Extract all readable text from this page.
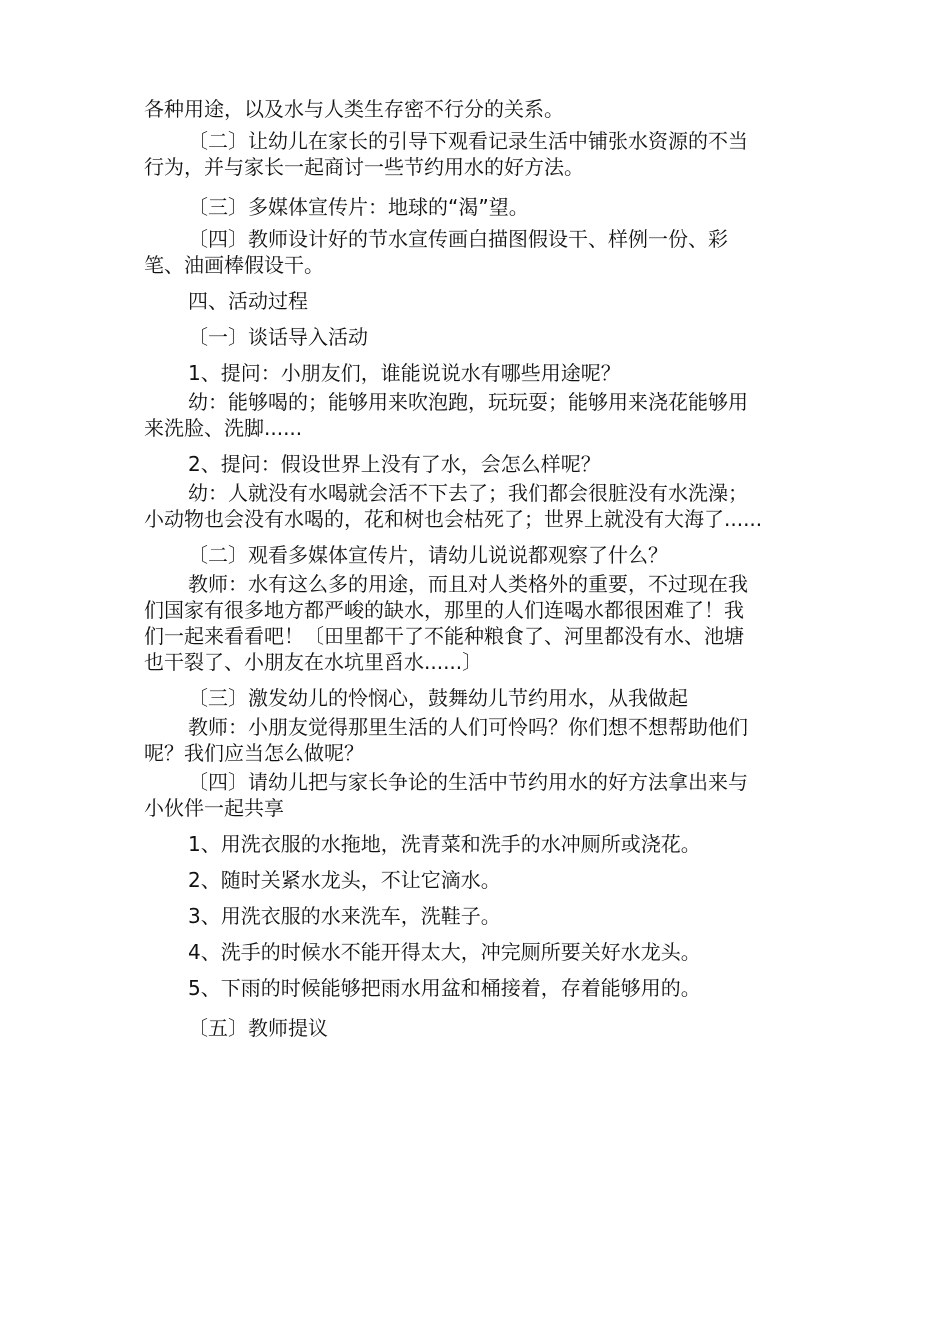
各种用途，以及水与人类生存密不行分的关系。

〔二〕让幼儿在家长的引导下观看记录生活中铺张水资源的不当

行为，并与家长一起商讨一些节约用水的好方法。

〔三〕多媒体宣传片：地球的“渴”望。

〔四〕教师设计好的节水宣传画白描图假设干、样例一份、彩

笔、油画棒假设干。

四、活动过程

〔一〕谈话导入活动

1、提问：小朋友们，谁能说说水有哪些用途呢？

幼：能够喝的；能够用来吹泡跑，玩玩耍；能够用来浇花能够用

来洗脸、洗脚......

2、提问：假设世界上没有了水，会怎么样呢？

幼：人就没有水喝就会活不下去了；我们都会很脏没有水洗澡；

小动物也会没有水喝的，花和树也会枯死了；世界上就没有大海了......

〔二〕观看多媒体宣传片，请幼儿说说都观察了什么？

教师：水有这么多的用途，而且对人类格外的重要，不过现在我

们国家有很多地方都严峻的缺水，那里的人们连喝水都很困难了！我

们一起来看看吧！〔田里都干了不能种粮食了、河里都没有水、池塘

也干裂了、小朋友在水坑里舀水......〕

〔三〕激发幼儿的怜悯心，鼓舞幼儿节约用水，从我做起

教师：小朋友觉得那里生活的人们可怜吗？你们想不想帮助他们

呢？我们应当怎么做呢？

〔四〕请幼儿把与家长争论的生活中节约用水的好方法拿出来与

小伙伴一起共享

1、用洗衣服的水拖地，洗青菜和洗手的水冲厕所或浇花。

2、随时关紧水龙头，不让它滴水。

3、用洗衣服的水来洗车，洗鞋子。

4、洗手的时候水不能开得太大，冲完厕所要关好水龙头。

5、下雨的时候能够把雨水用盆和桶接着，存着能够用的。

〔五〕教师提议
